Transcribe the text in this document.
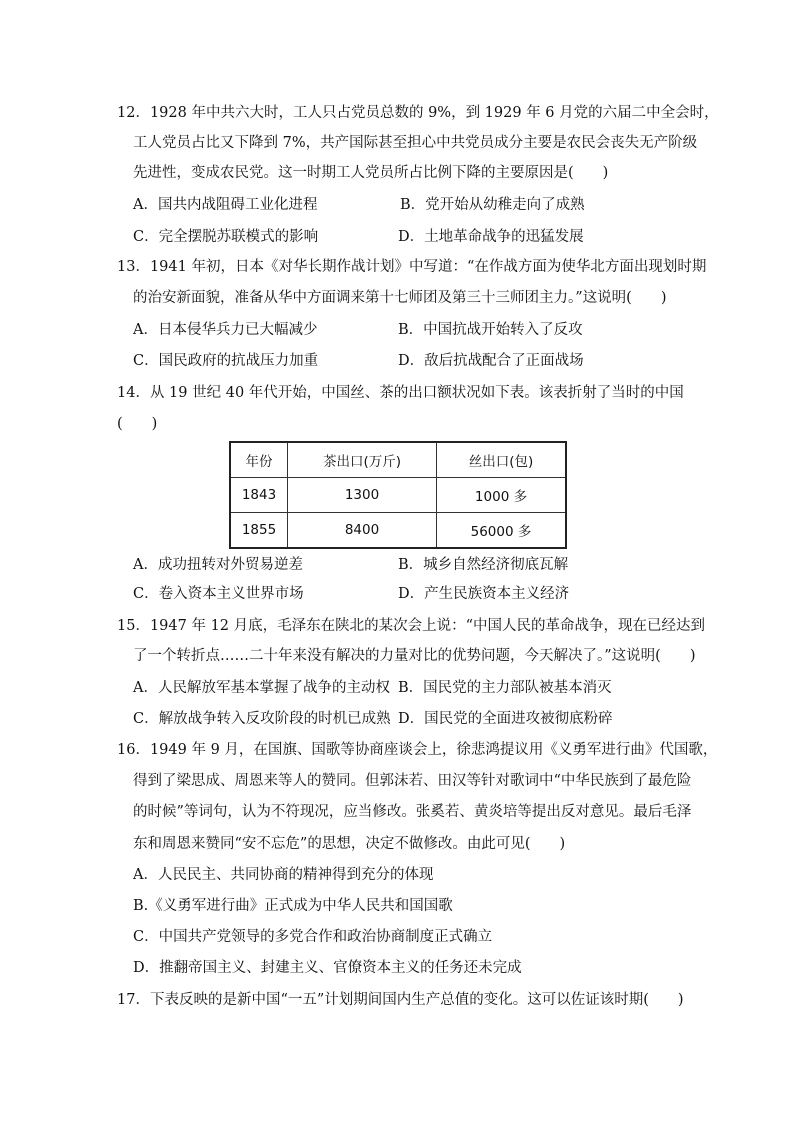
12．1928 年中共六大时，工人只占党员总数的 9%，到 1929 年 6 月党的六届二中全会时，
工人党员占比又下降到 7%，共产国际甚至担心中共党员成分主要是农民会丧失无产阶级
先进性，变成农民党。这一时期工人党员所占比例下降的主要原因是(　　)
A．国共内战阻碍工业化进程	B．党开始从幼稚走向了成熟
C．完全摆脱苏联模式的影响	D．土地革命战争的迅猛发展
13．1941 年初，日本《对华长期作战计划》中写道：“在作战方面为使华北方面出现划时期
的治安新面貌，准备从华中方面调来第十七师团及第三十三师团主力。”这说明(　　)
A．日本侵华兵力已大幅减少	B．中国抗战开始转入了反攻
C．国民政府的抗战压力加重	D．敌后抗战配合了正面战场
14．从 19 世纪 40 年代开始，中国丝、茶的出口额状况如下表。该表折射了当时的中国
(　　)
年份	茶出口(万斤)	丝出口(包)
1843	1300	1000 多
1855	8400	56000 多
A．成功扭转对外贸易逆差	B．城乡自然经济彻底瓦解
C．卷入资本主义世界市场	D．产生民族资本主义经济
15．1947 年 12 月底，毛泽东在陕北的某次会上说：“中国人民的革命战争，现在已经达到
了一个转折点……二十年来没有解决的力量对比的优势问题，今天解决了。”这说明(　　)
A．人民解放军基本掌握了战争的主动权 B．国民党的主力部队被基本消灭
C．解放战争转入反攻阶段的时机已成熟 D．国民党的全面进攻被彻底粉碎
16．1949 年 9 月，在国旗、国歌等协商座谈会上，徐悲鸿提议用《义勇军进行曲》代国歌，
得到了梁思成、周恩来等人的赞同。但郭沫若、田汉等针对歌词中“中华民族到了最危险
的时候”等词句，认为不符现况，应当修改。张奚若、黄炎培等提出反对意见。最后毛泽
东和周恩来赞同“安不忘危”的思想，决定不做修改。由此可见(　　)
A．人民民主、共同协商的精神得到充分的体现
B.《义勇军进行曲》正式成为中华人民共和国国歌
C．中国共产党领导的多党合作和政治协商制度正式确立
D．推翻帝国主义、封建主义、官僚资本主义的任务还未完成
17．下表反映的是新中国“一五”计划期间国内生产总值的变化。这可以佐证该时期(　　)
